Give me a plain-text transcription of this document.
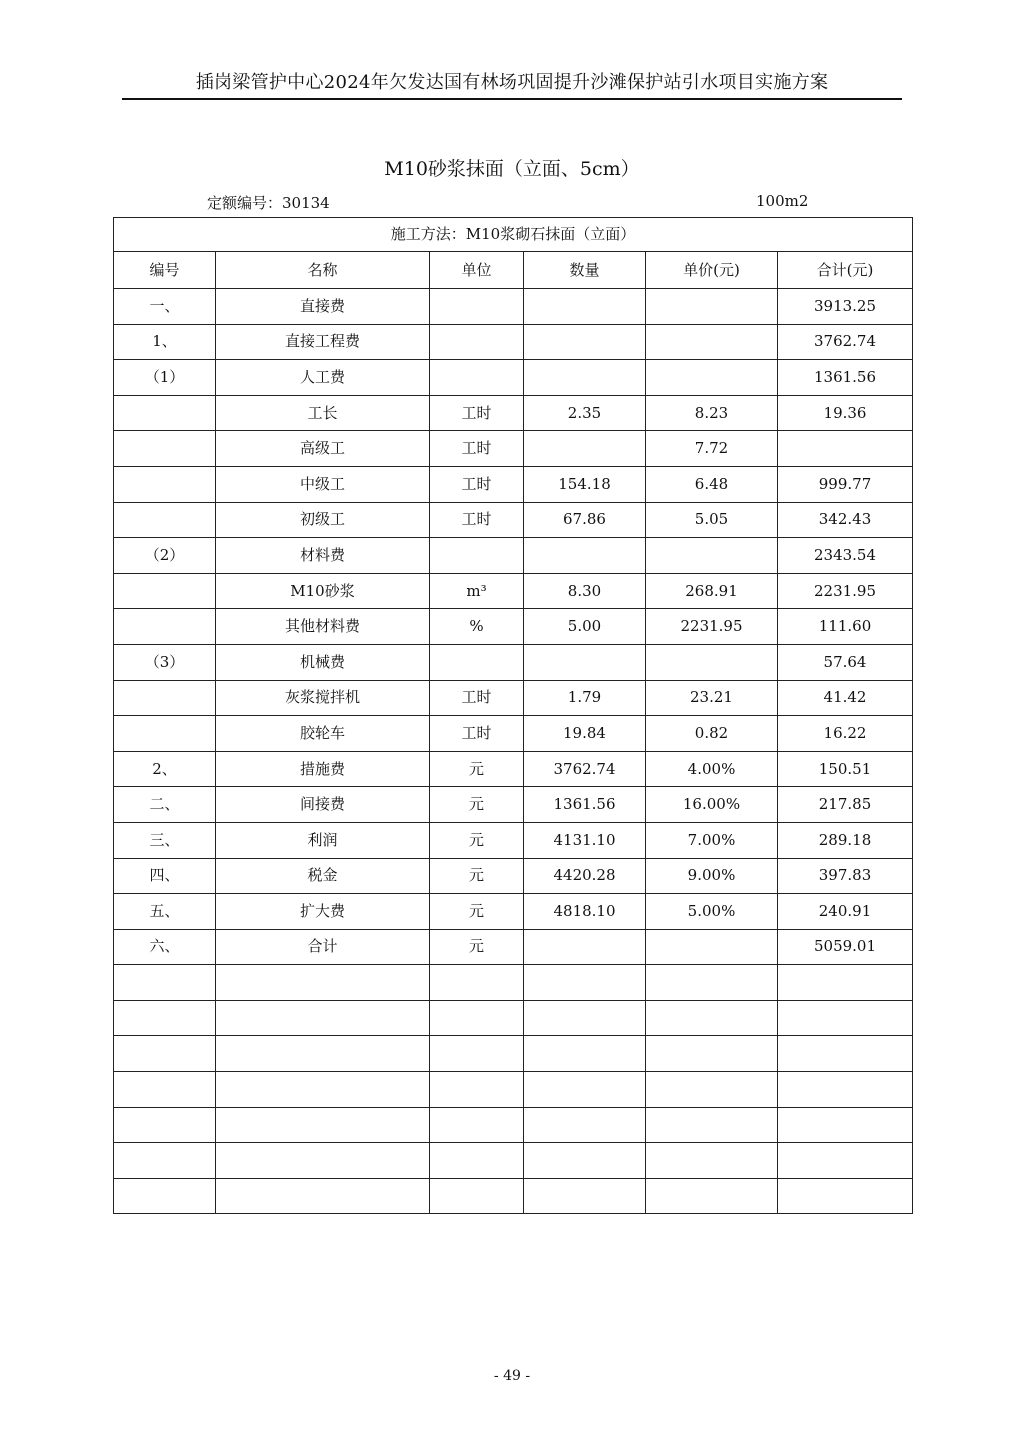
插岗梁管护中心2024年欠发达国有林场巩固提升沙滩保护站引水项目实施方案
M10砂浆抹面（立面、5cm）
定额编号：30134	100m2
施工方法：M10浆砌石抹面（立面）					
编号	名称	单位	数量	单价(元)	合计(元)
一、	直接费				3913.25
1、	直接工程费				3762.74
（1）	人工费				1361.56
	工长	工时	2.35	8.23	19.36
	高级工	工时		7.72	
	中级工	工时	154.18	6.48	999.77
	初级工	工时	67.86	5.05	342.43
（2）	材料费				2343.54
	M10砂浆	m³	8.30	268.91	2231.95
	其他材料费	%	5.00	2231.95	111.60
（3）	机械费				57.64
	灰浆搅拌机	工时	1.79	23.21	41.42
	胶轮车	工时	19.84	0.82	16.22
2、	措施费	元	3762.74	4.00%	150.51
二、	间接费	元	1361.56	16.00%	217.85
三、	利润	元	4131.10	7.00%	289.18
四、	税金	元	4420.28	9.00%	397.83
五、	扩大费	元	4818.10	5.00%	240.91
六、	合计	元			5059.01

- 49 -
